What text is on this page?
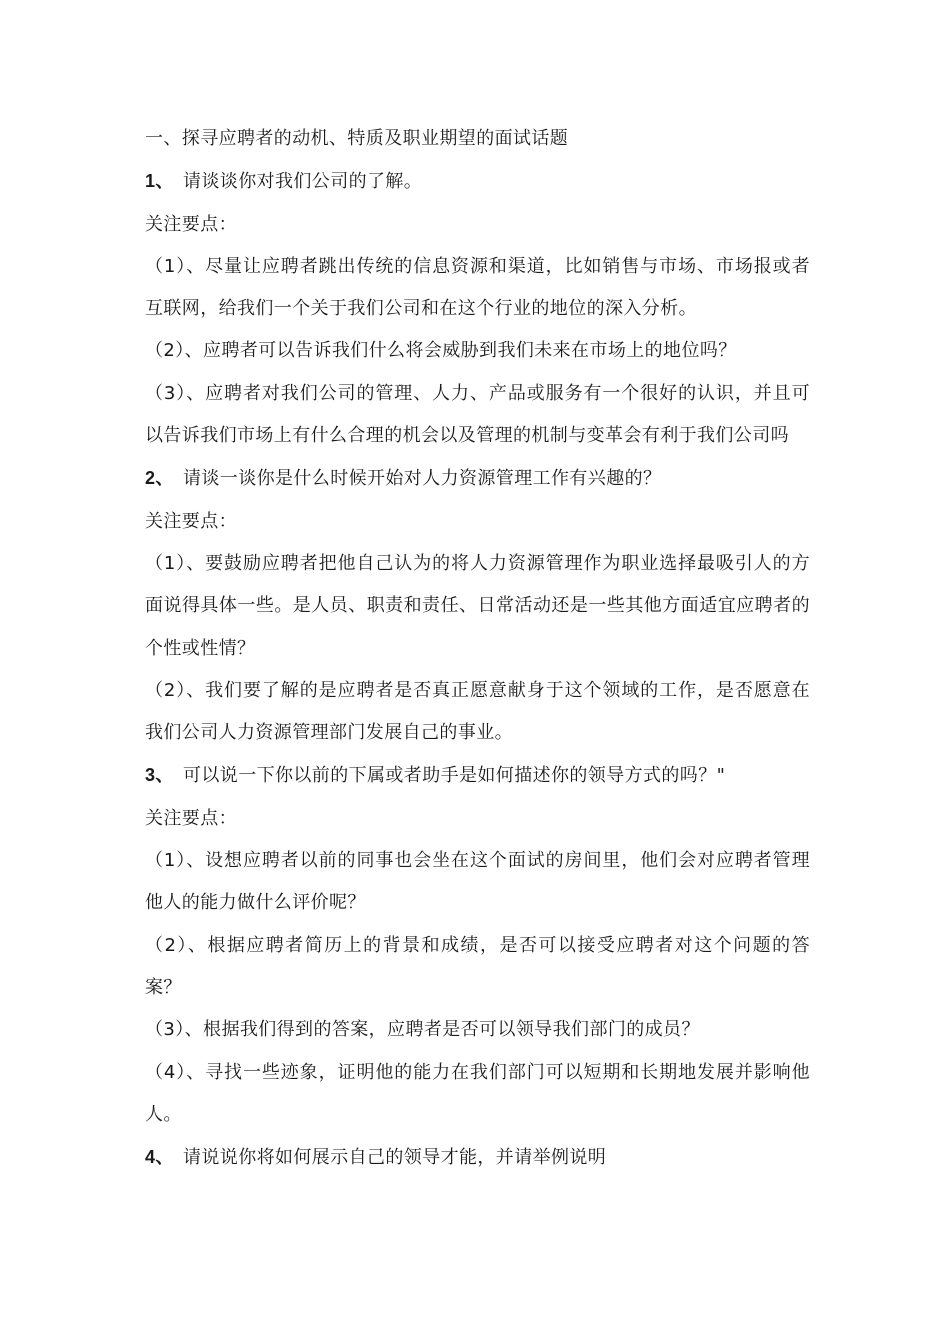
一、探寻应聘者的动机、特质及职业期望的面试话题
1、 请谈谈你对我们公司的了解。
关注要点：
（1）、尽量让应聘者跳出传统的信息资源和渠道，比如销售与市场、市场报或者互联网，给我们一个关于我们公司和在这个行业的地位的深入分析。
（2）、应聘者可以告诉我们什么将会威胁到我们未来在市场上的地位吗？
（3）、应聘者对我们公司的管理、人力、产品或服务有一个很好的认识，并且可以告诉我们市场上有什么合理的机会以及管理的机制与变革会有利于我们公司吗
2、 请谈一谈你是什么时候开始对人力资源管理工作有兴趣的？
关注要点：
（1）、要鼓励应聘者把他自己认为的将人力资源管理作为职业选择最吸引人的方面说得具体一些。是人员、职责和责任、日常活动还是一些其他方面适宜应聘者的个性或性情？
（2）、我们要了解的是应聘者是否真正愿意献身于这个领域的工作，是否愿意在我们公司人力资源管理部门发展自己的事业。
3、 可以说一下你以前的下属或者助手是如何描述你的领导方式的吗？"
关注要点：
（1）、设想应聘者以前的同事也会坐在这个面试的房间里，他们会对应聘者管理他人的能力做什么评价呢？
（2）、根据应聘者简历上的背景和成绩，是否可以接受应聘者对这个问题的答案？
（3）、根据我们得到的答案，应聘者是否可以领导我们部门的成员？
（4）、寻找一些迹象，证明他的能力在我们部门可以短期和长期地发展并影响他人。
4、 请说说你将如何展示自己的领导才能，并请举例说明
